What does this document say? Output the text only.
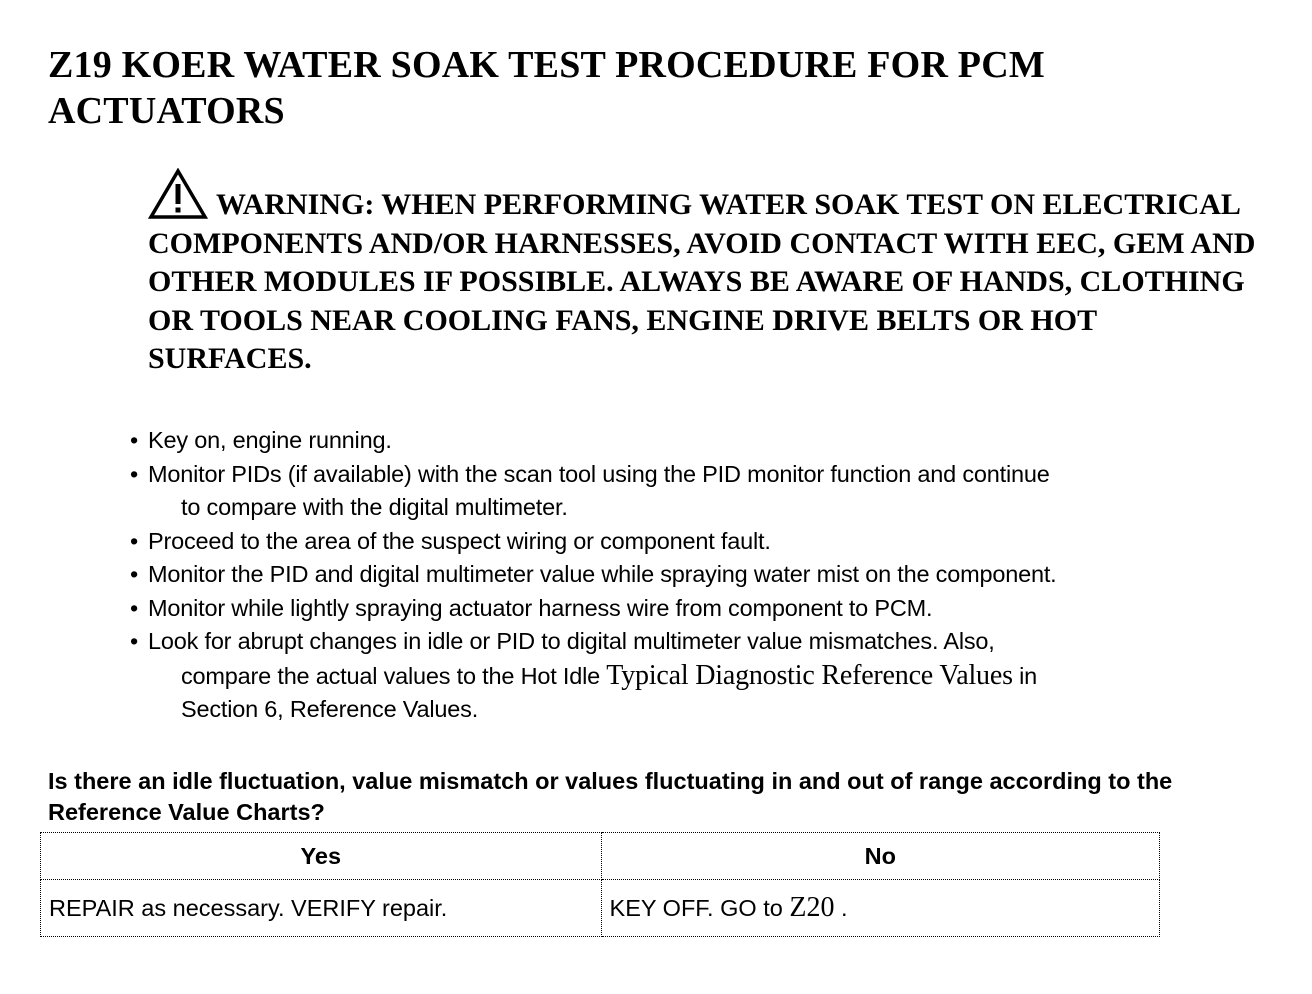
Z19 KOER WATER SOAK TEST PROCEDURE FOR PCM ACTUATORS

WARNING: WHEN PERFORMING WATER SOAK TEST ON ELECTRICAL COMPONENTS AND/OR HARNESSES, AVOID CONTACT WITH EEC, GEM AND OTHER MODULES IF POSSIBLE. ALWAYS BE AWARE OF HANDS, CLOTHING OR TOOLS NEAR COOLING FANS, ENGINE DRIVE BELTS OR HOT SURFACES.

• Key on, engine running.
• Monitor PIDs (if available) with the scan tool using the PID monitor function and continue
to compare with the digital multimeter.
• Proceed to the area of the suspect wiring or component fault.
• Monitor the PID and digital multimeter value while spraying water mist on the component.
• Monitor while lightly spraying actuator harness wire from component to PCM.
• Look for abrupt changes in idle or PID to digital multimeter value mismatches. Also,
compare the actual values to the Hot Idle Typical Diagnostic Reference Values in
Section 6, Reference Values.

Is there an idle fluctuation, value mismatch or values fluctuating in and out of range according to the Reference Value Charts?

Yes	No
REPAIR as necessary. VERIFY repair.	KEY OFF. GO to Z20 .
